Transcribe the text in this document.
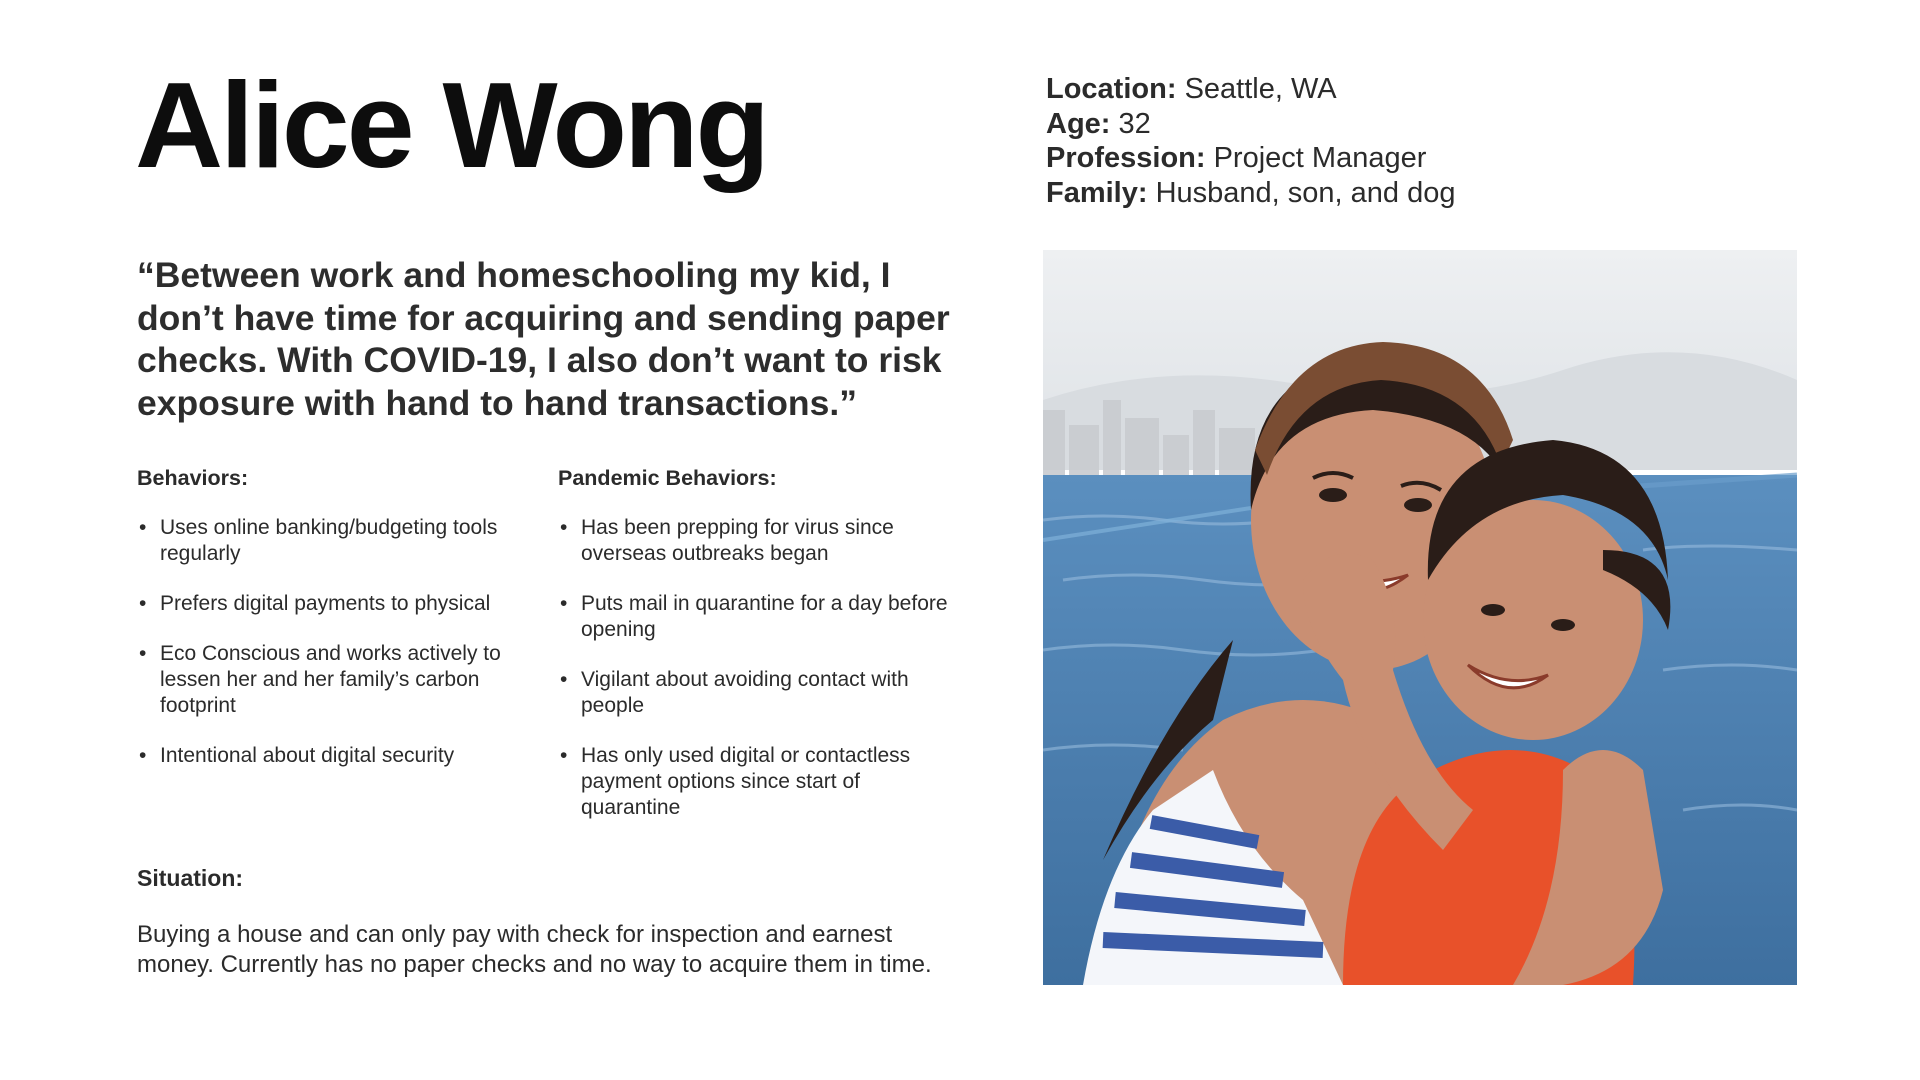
Alice Wong	Location: Seattle, WA
Age: 32
Profession: Project Manager
Family: Husband, son, and dog

“Between work and homeschooling my kid, I don’t have time for acquiring and sending paper checks. With COVID-19, I also don’t want to risk exposure with hand to hand transactions.”

Behaviors:

• Uses online banking/budgeting tools regularly
• Prefers digital payments to physical
• Eco Conscious and works actively to lessen her and her family’s carbon footprint
• Intentional about digital security

Pandemic Behaviors:

• Has been prepping for virus since overseas outbreaks began
• Puts mail in quarantine for a day before opening
• Vigilant about avoiding contact with people
• Has only used digital or contactless payment options since start of quarantine

Situation:

Buying a house and can only pay with check for inspection and earnest money. Currently has no paper checks and no way to acquire them in time.
